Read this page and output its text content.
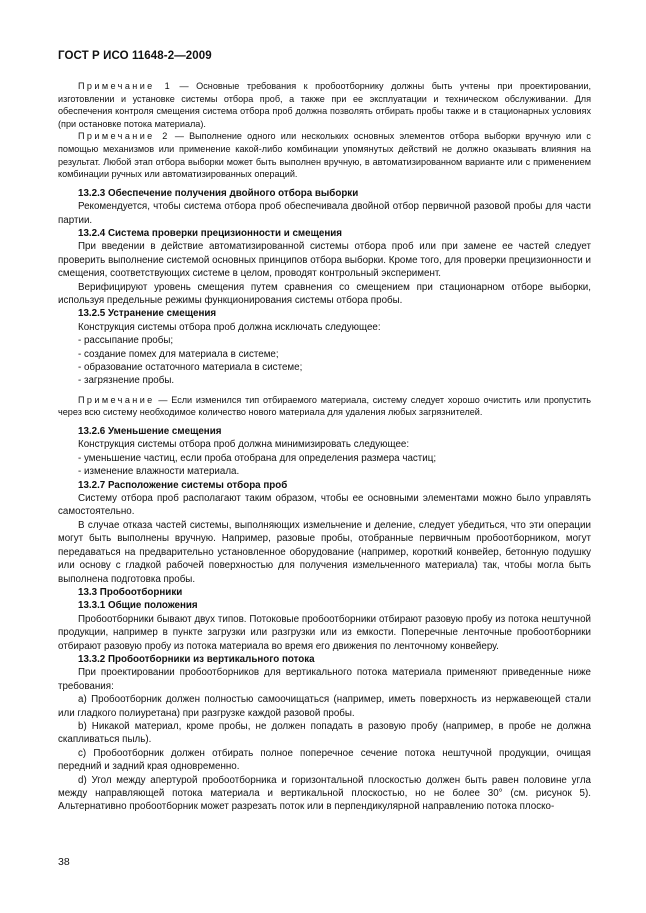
ГОСТ Р ИСО 11648-2—2009

Примечание 1 — Основные требования к пробоотборнику должны быть учтены при проектировании, изготовлении и установке системы отбора проб, а также при ее эксплуатации и техническом обслуживании. Для обеспечения контроля смещения система отбора проб должна позволять отбирать пробы также и в стационарных условиях (при остановке потока материала).

Примечание 2 — Выполнение одного или нескольких основных элементов отбора выборки вручную или с помощью механизмов или применение какой-либо комбинации упомянутых действий не должно оказывать влияния на результат. Любой этап отбора выборки может быть выполнен вручную, в автоматизированном варианте или с применением комбинации ручных или автоматизированных операций.

13.2.3 Обеспечение получения двойного отбора выборки

Рекомендуется, чтобы система отбора проб обеспечивала двойной отбор первичной разовой пробы для части партии.

13.2.4 Система проверки прецизионности и смещения

При введении в действие автоматизированной системы отбора проб или при замене ее частей следует проверить выполнение системой основных принципов отбора выборки. Кроме того, для проверки прецизионности и смещения, соответствующих системе в целом, проводят контрольный эксперимент.

Верифицируют уровень смещения путем сравнения со смещением при стационарном отборе выборки, используя предельные режимы функционирования системы отбора пробы.

13.2.5 Устранение смещения

Конструкция системы отбора проб должна исключать следующее:

- рассыпание пробы;

- создание помех для материала в системе;

- образование остаточного материала в системе;

- загрязнение пробы.

Примечание — Если изменился тип отбираемого материала, систему следует хорошо очистить или пропустить через всю систему необходимое количество нового материала для удаления любых загрязнителей.

13.2.6 Уменьшение смещения

Конструкция системы отбора проб должна минимизировать следующее:

- уменьшение частиц, если проба отобрана для определения размера частиц;

- изменение влажности материала.

13.2.7 Расположение системы отбора проб

Систему отбора проб располагают таким образом, чтобы ее основными элементами можно было управлять самостоятельно.

В случае отказа частей системы, выполняющих измельчение и деление, следует убедиться, что эти операции могут быть выполнены вручную. Например, разовые пробы, отобранные первичным пробоотборником, могут передаваться на предварительно установленное оборудование (например, короткий конвейер, бетонную подушку или основу с гладкой рабочей поверхностью для получения измельченного материала) так, чтобы могла быть выполнена подготовка пробы.

13.3 Пробоотборники

13.3.1 Общие положения

Пробоотборники бывают двух типов. Потоковые пробоотборники отбирают разовую пробу из потока нештучной продукции, например в пункте загрузки или разгрузки или из емкости. Поперечные ленточные пробоотборники отбирают разовую пробу из потока материала во время его движения по ленточному конвейеру.

13.3.2 Пробоотборники из вертикального потока

При проектировании пробоотборников для вертикального потока материала применяют приведенные ниже требования:

а) Пробоотборник должен полностью самоочищаться (например, иметь поверхность из нержавеющей стали или гладкого полиуретана) при разгрузке каждой разовой пробы.

b) Никакой материал, кроме пробы, не должен попадать в разовую пробу (например, в пробе не должна скапливаться пыль).

с) Пробоотборник должен отбирать полное поперечное сечение потока нештучной продукции, очищая передний и задний края одновременно.

d) Угол между апертурой пробоотборника и горизонтальной плоскостью должен быть равен половине угла между направляющей потока материала и вертикальной плоскостью, но не более 30° (см. рисунок 5). Альтернативно пробоотборник может разрезать поток или в перпендикулярной направлению потока плоско-

38
